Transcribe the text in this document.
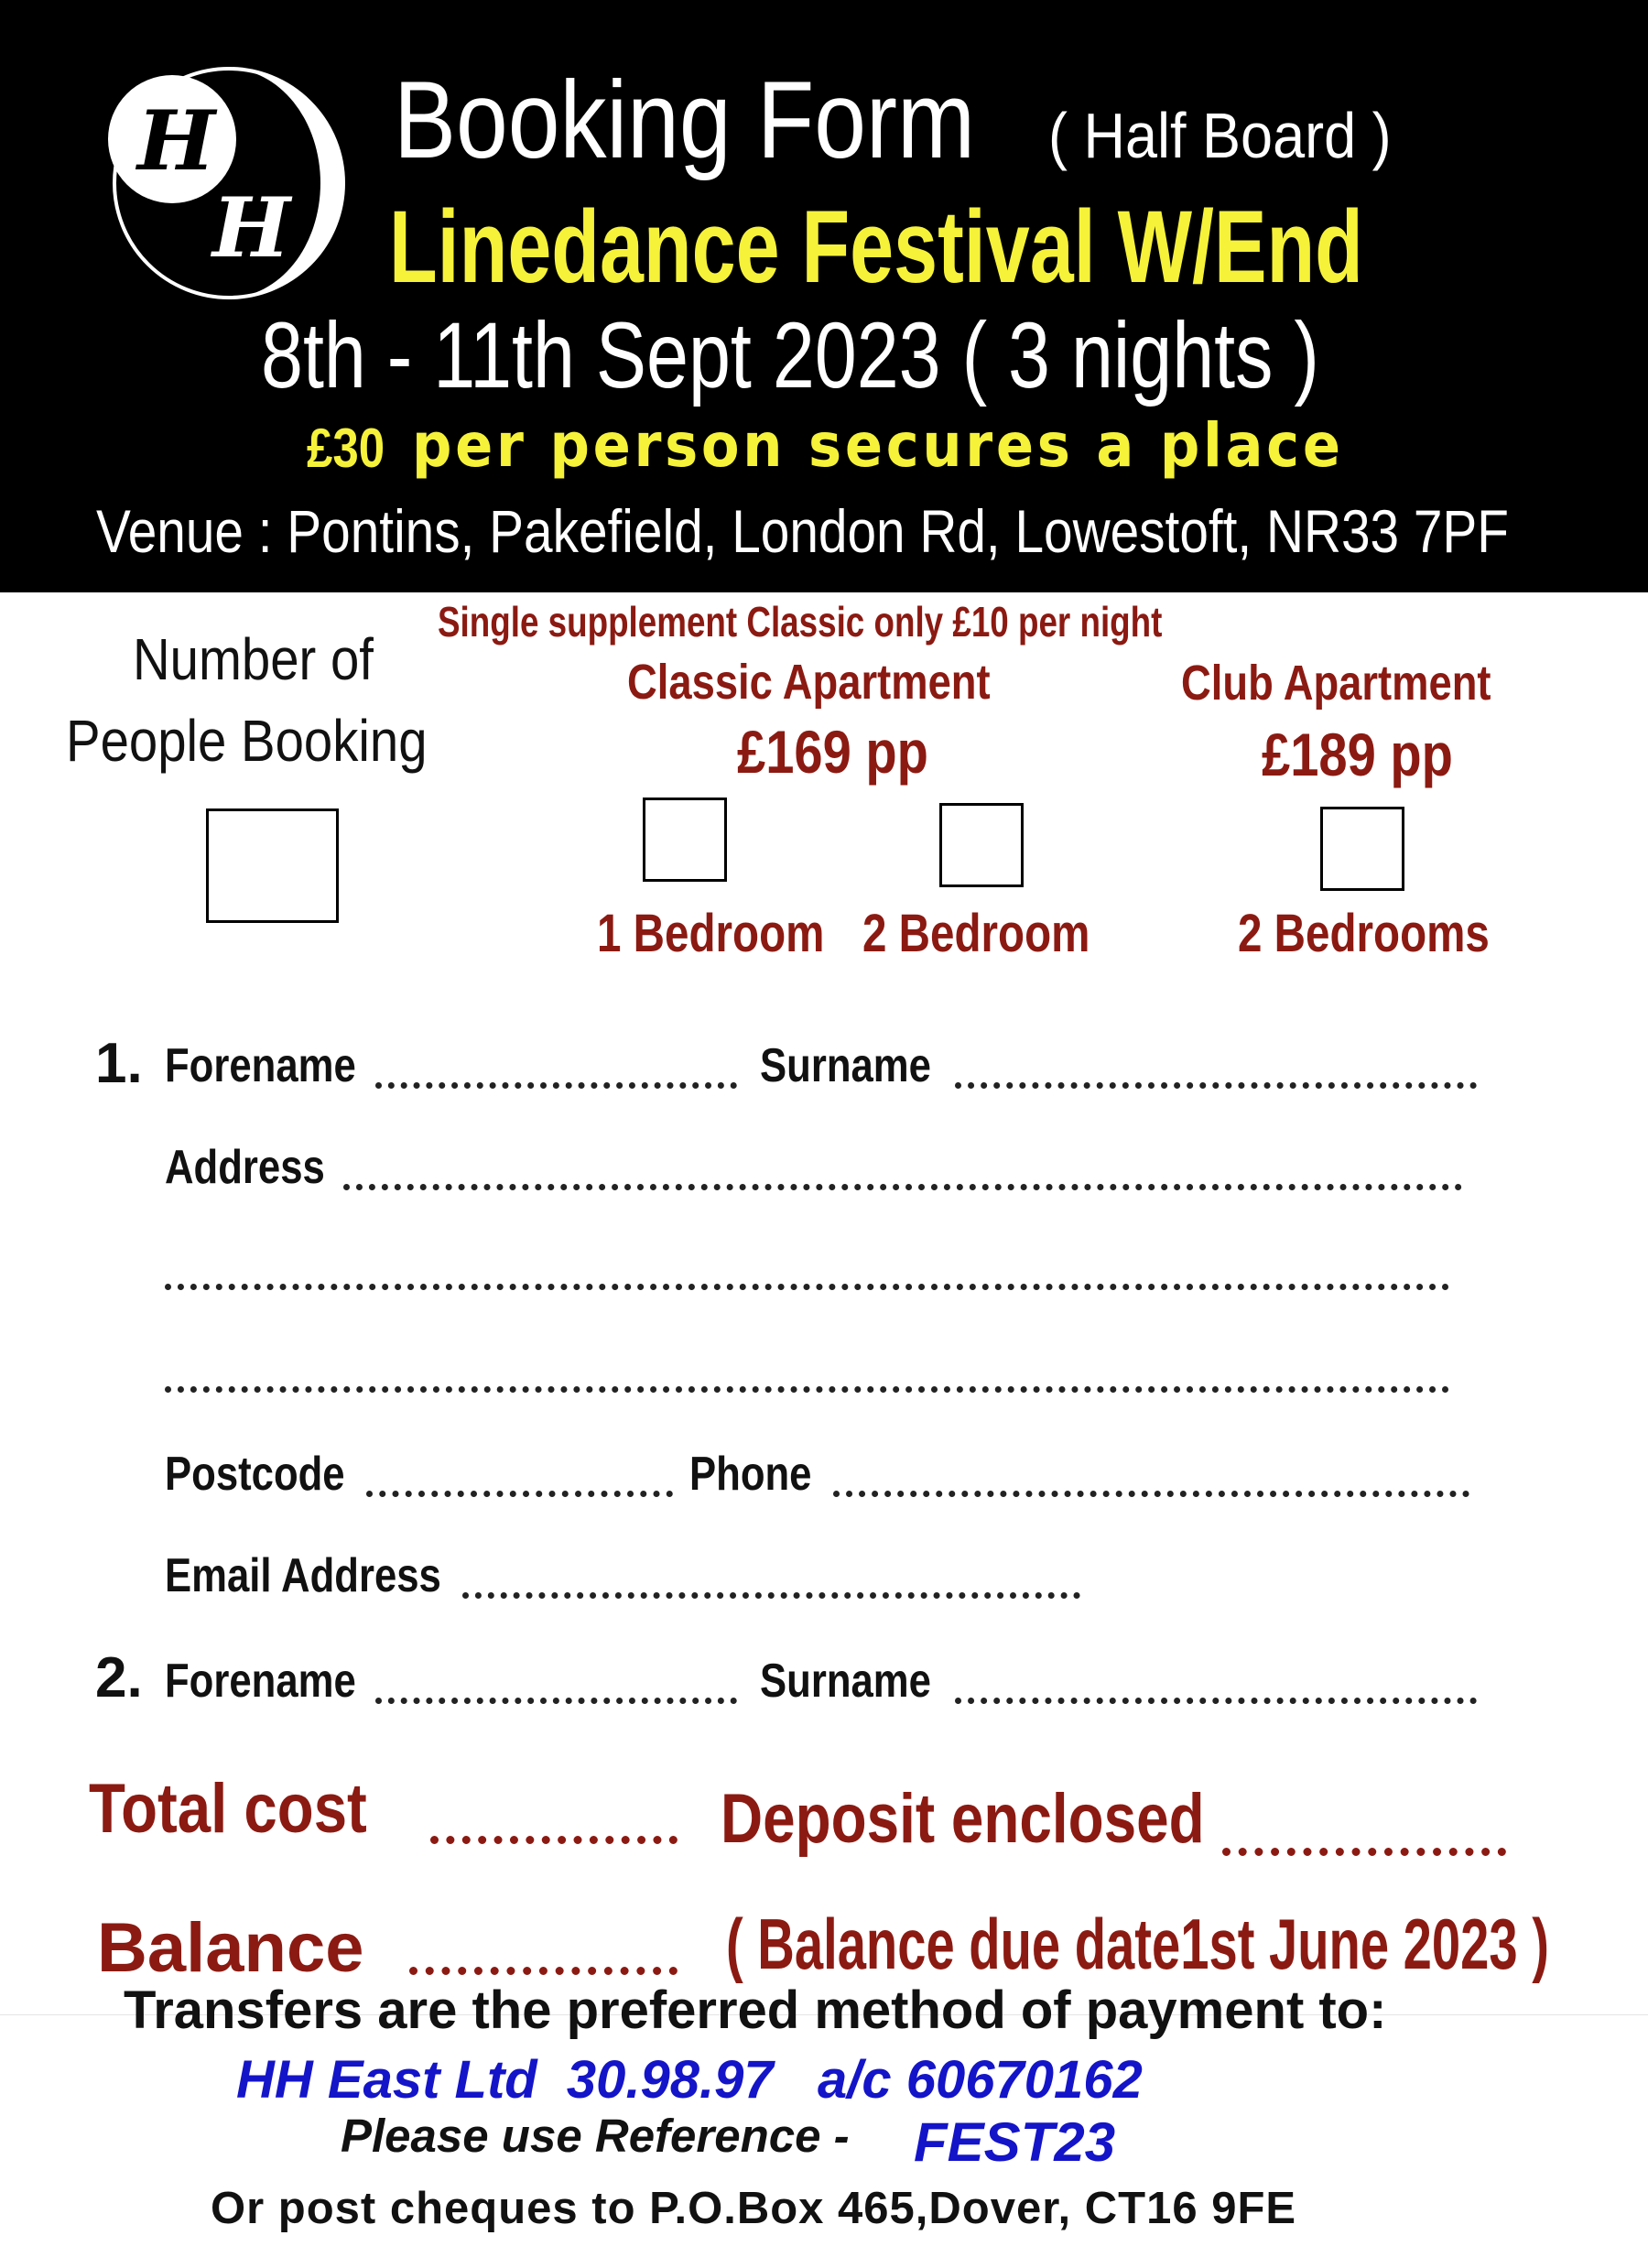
H
H
Booking Form ( Half Board )
Linedance Festival W/End
8th - 11th Sept 2023 ( 3 nights )
£30 per person secures a place
Venue : Pontins, Pakefield, London Rd, Lowestoft, NR33 7PF
Number of
People Booking
Single supplement Classic only £10 per night
Classic Apartment
£169 pp
Club Apartment
£189 pp
1 Bedroom 2 Bedroom	2 Bedrooms
1. Forename	Surname
Address
Postcode	Phone
Email Address
2. Forename	Surname
Total cost	Deposit enclosed
Balance	( Balance due date1st June 2023 )
Transfers are the preferred method of payment to:
HH East Ltd  30.98.97   a/c 60670162
Please use Reference - FEST23
Or post cheques to P.O.Box 465,Dover, CT16 9FE
